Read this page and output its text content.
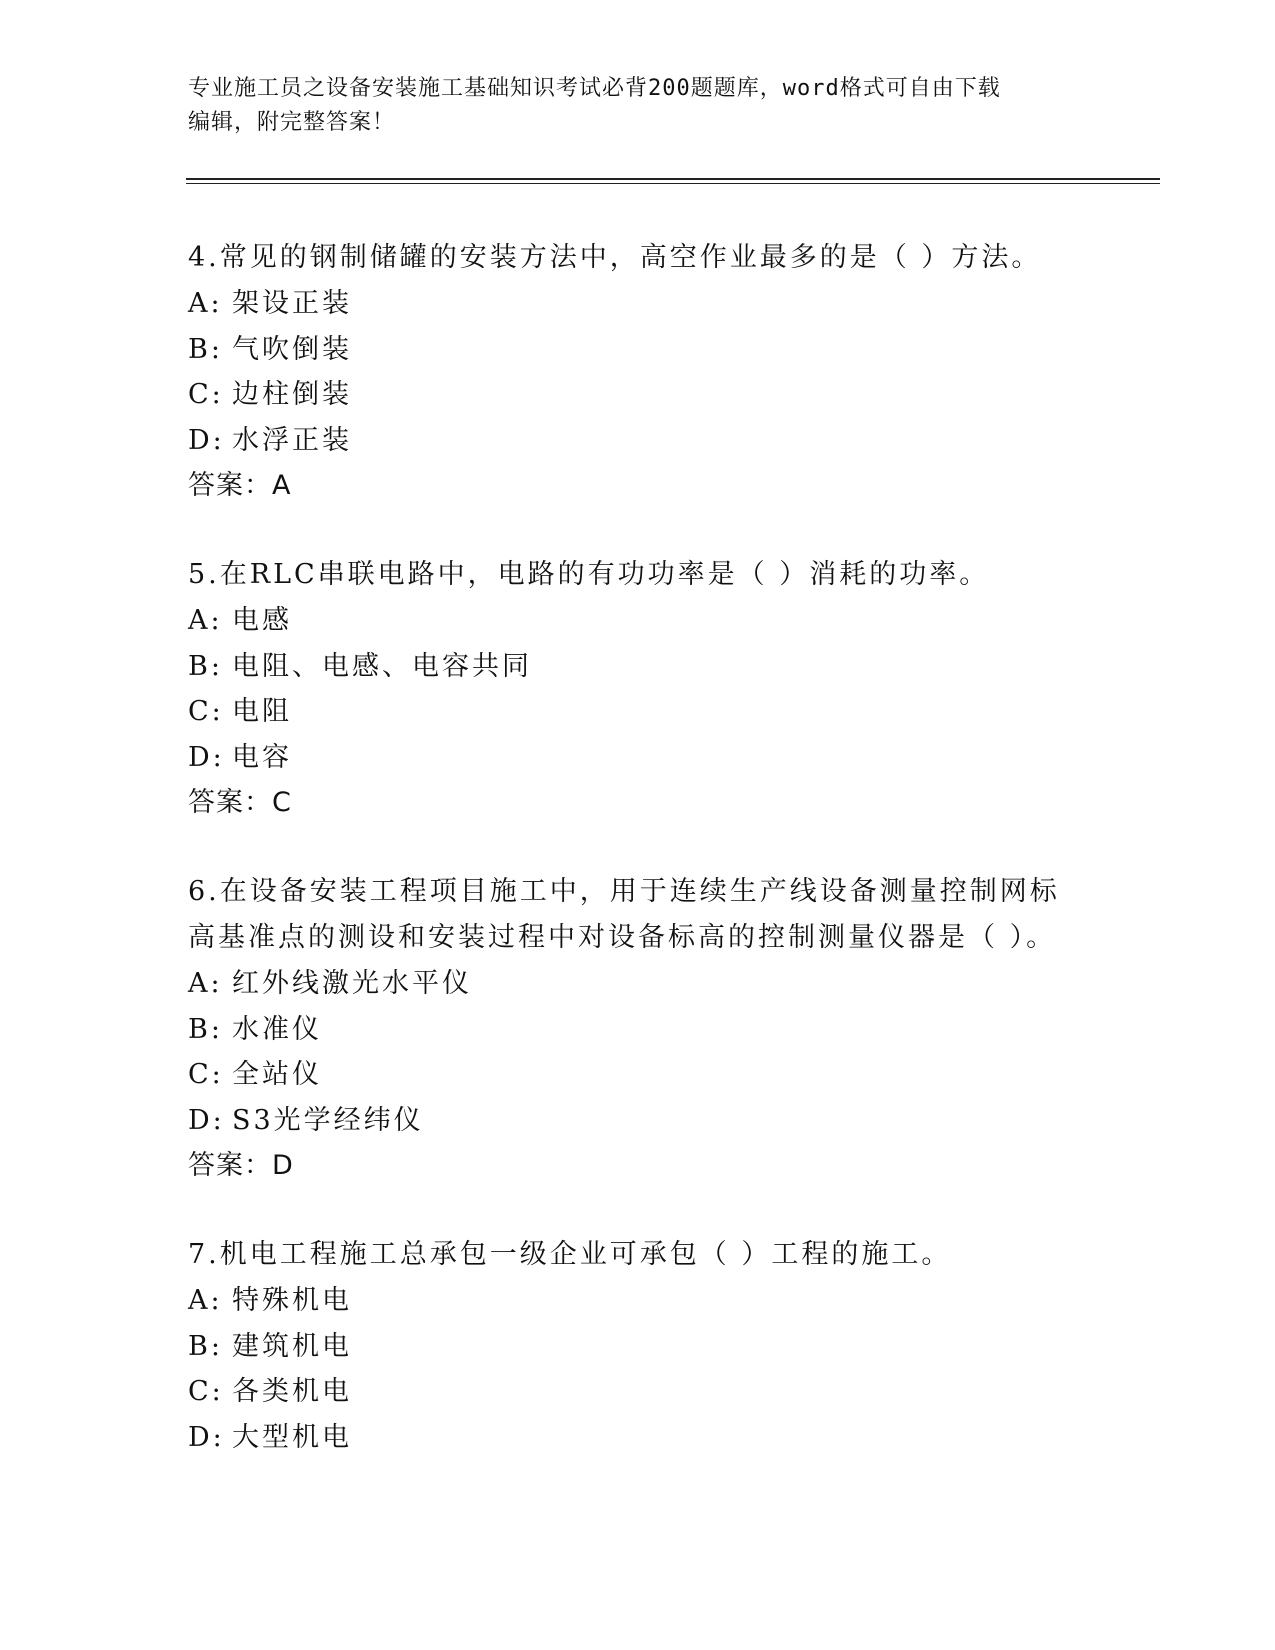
专业施工员之设备安装施工基础知识考试必背200题题库，word格式可自由下载
编辑，附完整答案！

4.常见的钢制储罐的安装方法中，高空作业最多的是（ ）方法。

A: 架设正装

B: 气吹倒装

C: 边柱倒装

D: 水浮正装

答案：A

5.在RLC串联电路中，电路的有功功率是（ ）消耗的功率。

A: 电感

B: 电阻、电感、电容共同

C: 电阻

D: 电容

答案：C

6.在设备安装工程项目施工中，用于连续生产线设备测量控制网标高基准点的测设和安装过程中对设备标高的控制测量仪器是（ ）。

A: 红外线激光水平仪

B: 水准仪

C: 全站仪

D: S3光学经纬仪

答案：D

7.机电工程施工总承包一级企业可承包（ ）工程的施工。

A: 特殊机电

B: 建筑机电

C: 各类机电

D: 大型机电
